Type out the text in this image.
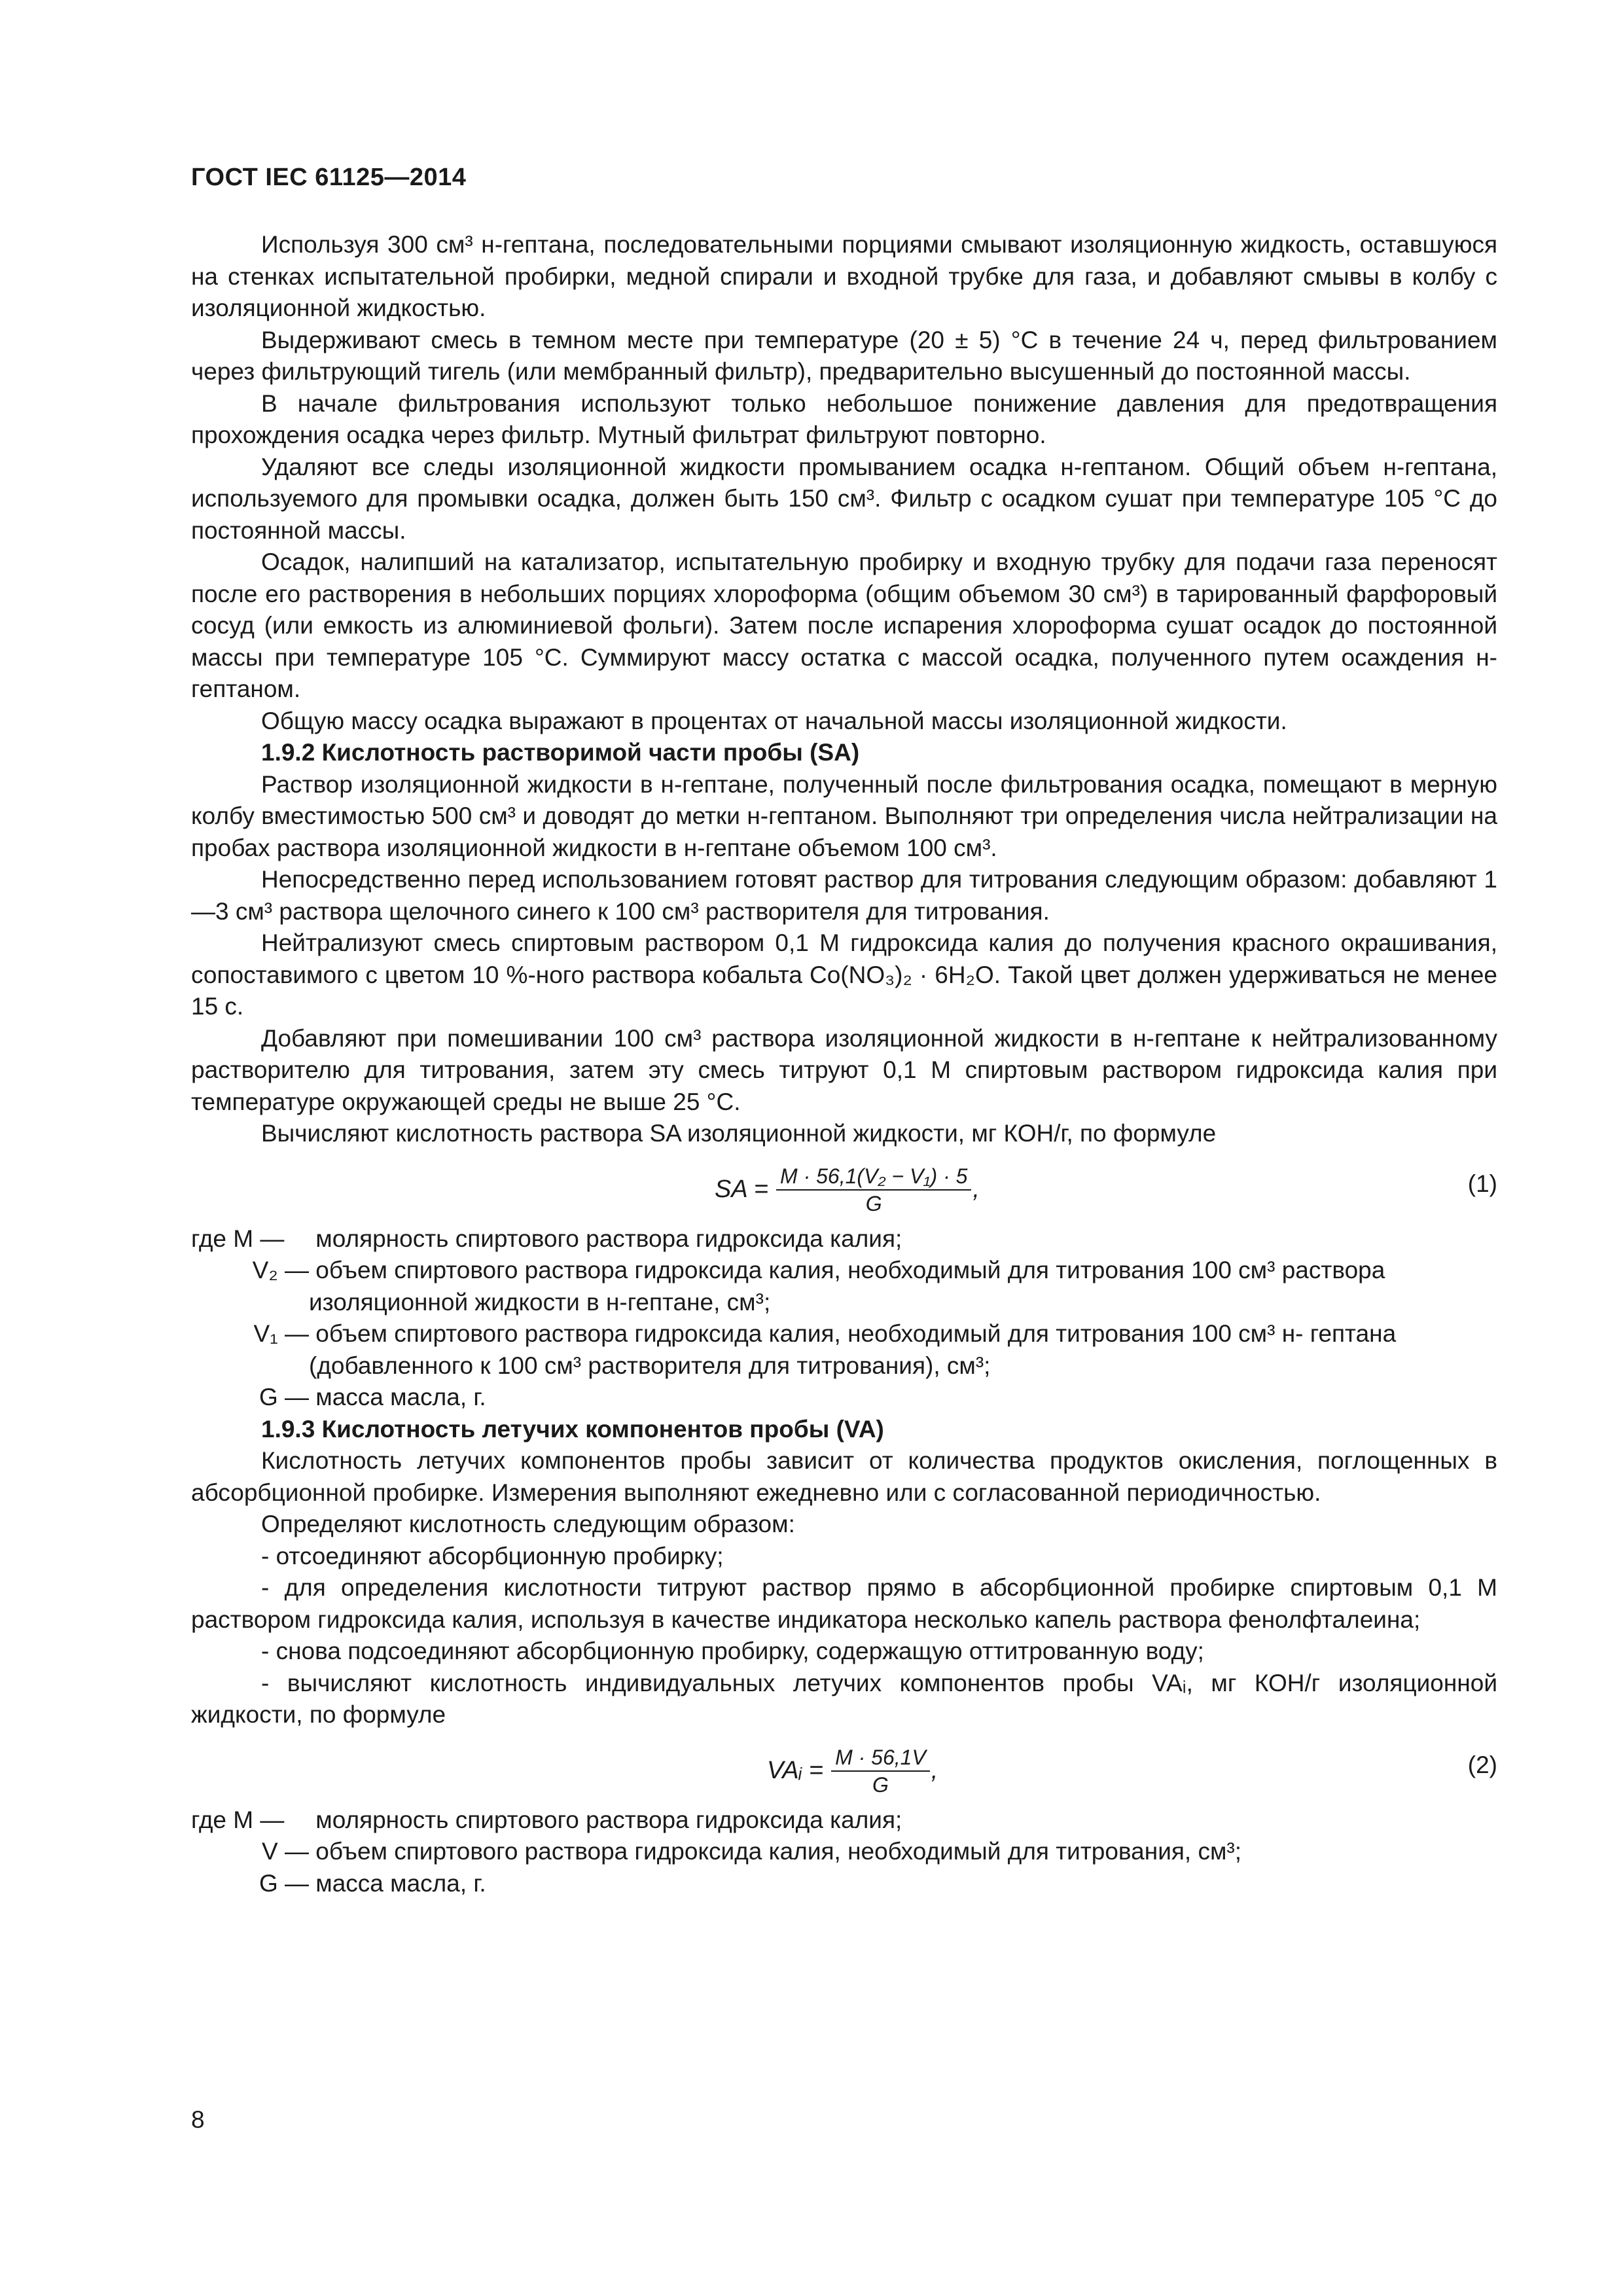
ГОСТ IEC 61125—2014

Используя 300 см³ н-гептана, последовательными порциями смывают изоляционную жидкость, оставшуюся на стенках испытательной пробирки, медной спирали и входной трубке для газа, и добавляют смывы в колбу с изоляционной жидкостью.

Выдерживают смесь в темном месте при температуре (20 ± 5) °С в течение 24 ч, перед фильтрованием через фильтрующий тигель (или мембранный фильтр), предварительно высушенный до постоянной массы.

В начале фильтрования используют только небольшое понижение давления для предотвращения прохождения осадка через фильтр. Мутный фильтрат фильтруют повторно.

Удаляют все следы изоляционной жидкости промыванием осадка н-гептаном. Общий объем н-гептана, используемого для промывки осадка, должен быть 150 см³. Фильтр с осадком сушат при температуре 105 °С до постоянной массы.

Осадок, налипший на катализатор, испытательную пробирку и входную трубку для подачи газа переносят после его растворения в небольших порциях хлороформа (общим объемом 30 см³) в тарированный фарфоровый сосуд (или емкость из алюминиевой фольги). Затем после испарения хлороформа сушат осадок до постоянной массы при температуре 105 °С. Суммируют массу остатка с массой осадка, полученного путем осаждения н- гептаном.

Общую массу осадка выражают в процентах от начальной массы изоляционной жидкости.

1.9.2 Кислотность растворимой части пробы (SA)

Раствор изоляционной жидкости в н-гептане, полученный после фильтрования осадка, помещают в мерную колбу вместимостью 500 см³ и доводят до метки н-гептаном. Выполняют три определения числа нейтрализации на пробах раствора изоляционной жидкости в н-гептане объемом 100 см³.

Непосредственно перед использованием готовят раствор для титрования следующим образом: добавляют 1—3 см³ раствора щелочного синего к 100 см³ растворителя для титрования.

Нейтрализуют смесь спиртовым раствором 0,1 М гидроксида калия до получения красного окрашивания, сопоставимого с цветом 10 %-ного раствора кобальта Co(NO₃)₂ · 6H₂O. Такой цвет должен удерживаться не менее 15 с.

Добавляют при помешивании 100 см³ раствора изоляционной жидкости в н-гептане к нейтрализованному растворителю для титрования, затем эту смесь титруют 0,1 М спиртовым раствором гидроксида калия при температуре окружающей среды не выше 25 °С.

Вычисляют кислотность раствора SA изоляционной жидкости, мг КОН/г, по формуле

SA = $\frac{\text{M · 56,1(V₂ − V₁) · 5}}{G}$ ,	(1)
где M — молярность спиртового раствора гидроксида калия;
V₂ — объем спиртового раствора гидроксида калия, необходимый для титрования 100 см³ раствора
изоляционной жидкости в н-гептане, см³;
V₁ — объем спиртового раствора гидроксида калия, необходимый для титрования 100 см³ н- гептана
(добавленного к 100 см³ растворителя для титрования), см³;
G — масса масла, г.

1.9.3 Кислотность летучих компонентов пробы (VA)

Кислотность летучих компонентов пробы зависит от количества продуктов окисления, поглощенных в абсорбционной пробирке. Измерения выполняют ежедневно или с согласованной периодичностью.

Определяют кислотность следующим образом:

- отсоединяют абсорбционную пробирку;

- для определения кислотности титруют раствор прямо в абсорбционной пробирке спиртовым 0,1 М раствором гидроксида калия, используя в качестве индикатора несколько капель раствора фенолфталеина;

- снова подсоединяют абсорбционную пробирку, содержащую оттитрованную воду;

- вычисляют кислотность индивидуальных летучих компонентов пробы VAᵢ, мг КОН/г изоляционной жидкости, по формуле

VAᵢ = $\frac{M \cdot 56,1V}{G}$ ,	(2)
где M — молярность спиртового раствора гидроксида калия;
V — объем спиртового раствора гидроксида калия, необходимый для титрования, см³;
G — масса масла, г.
8
